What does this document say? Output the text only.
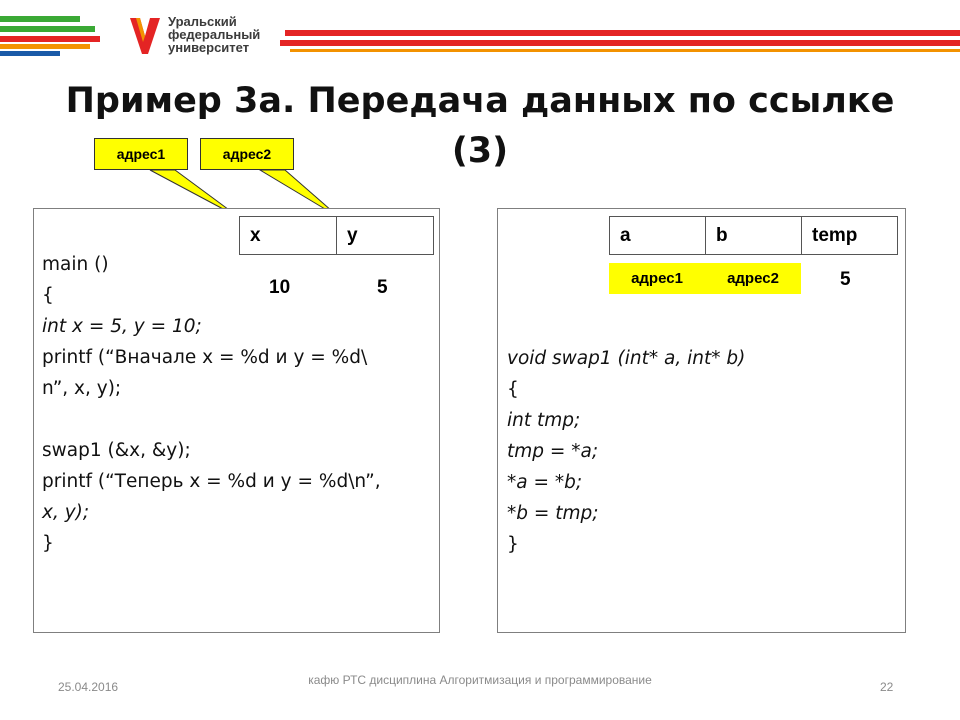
Уральский
федеральный
университет
Пример 3а. Передача данных по ссылке
(3)
адрес1	адрес2
x	y
10	5
main ()
{
int x = 5, y = 10;
printf (“Вначале x = %d и y = %d\
n”, x, y);

swap1 (&x, &y);
printf (“Теперь x = %d и y = %d\n”,
x, y);
}
a	b	temp
адрес1	адрес2	5
void swap1 (int* a, int* b)
{
int tmp;
tmp = *a;
*a = *b;
*b = tmp;
}
25.04.2016	кафю РТС дисциплина Алгоритмизация и программирование	22
